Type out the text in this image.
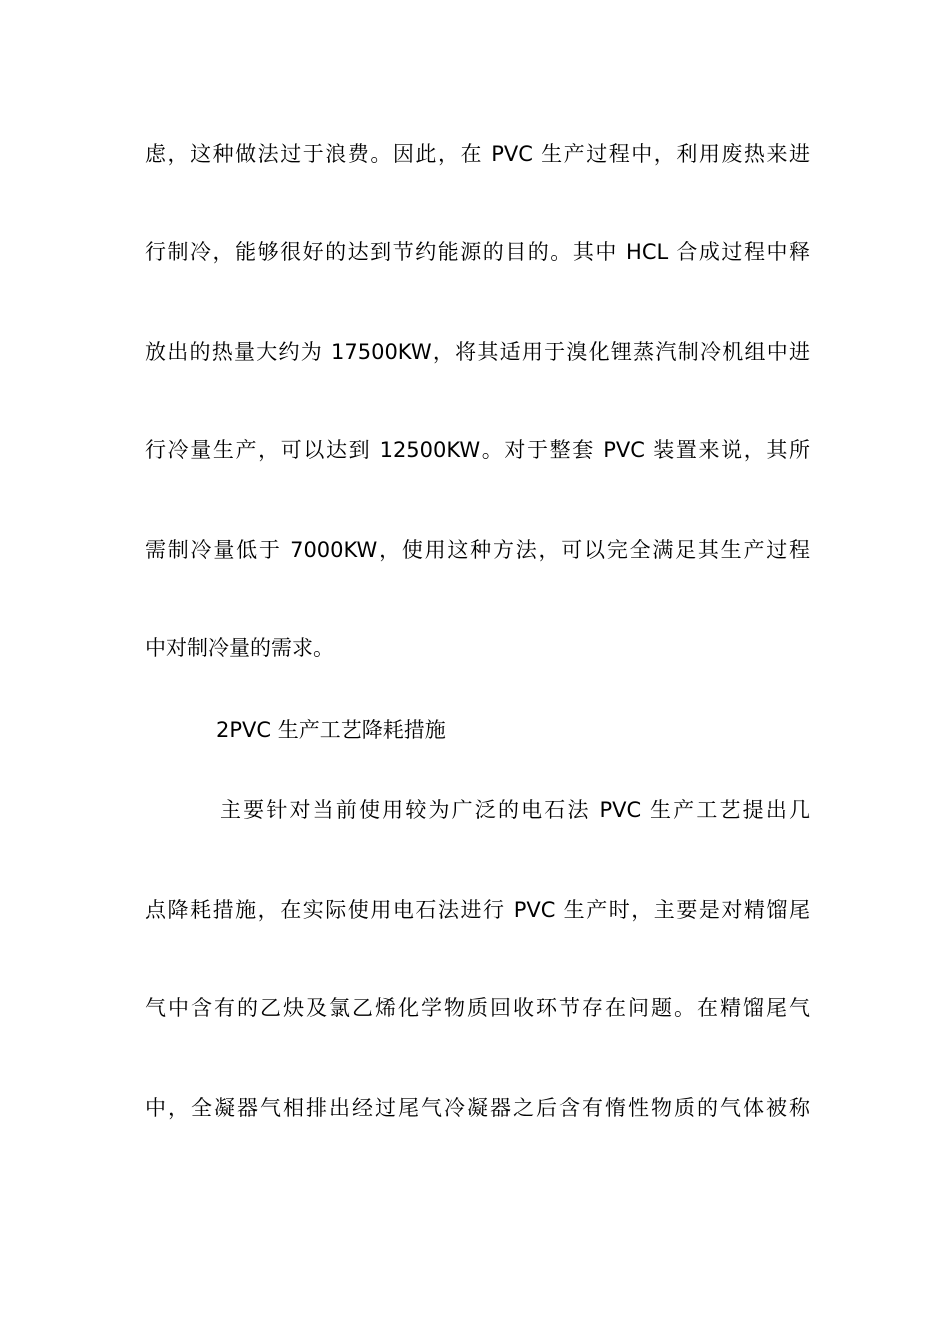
虑，这种做法过于浪费。因此，在 PVC 生产过程中，利用废热来进
行制冷，能够很好的达到节约能源的目的。其中 HCL 合成过程中释
放出的热量大约为 17500KW，将其适用于溴化锂蒸汽制冷机组中进
行冷量生产，可以达到 12500KW。对于整套 PVC 装置来说，其所
需制冷量低于 7000KW，使用这种方法，可以完全满足其生产过程
中对制冷量的需求。
2PVC 生产工艺降耗措施
主要针对当前使用较为广泛的电石法 PVC 生产工艺提出几
点降耗措施，在实际使用电石法进行 PVC 生产时，主要是对精馏尾
气中含有的乙炔及氯乙烯化学物质回收环节存在问题。在精馏尾气
中，全凝器气相排出经过尾气冷凝器之后含有惰性物质的气体被称
